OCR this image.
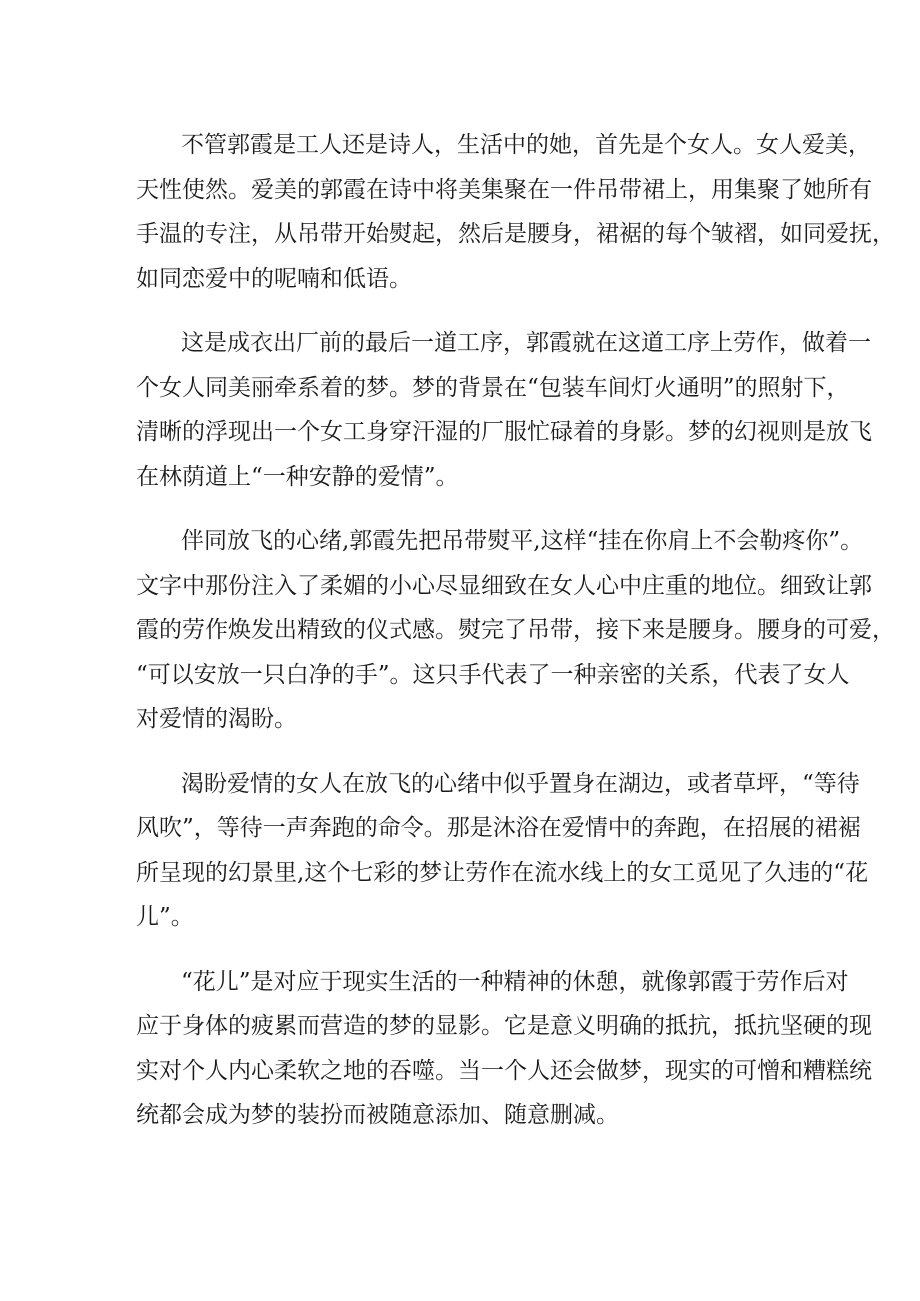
不管郭霞是工人还是诗人，生活中的她，首先是个女人。女人爱美，
天性使然。爱美的郭霞在诗中将美集聚在一件吊带裙上，用集聚了她所有
手温的专注，从吊带开始熨起，然后是腰身，裙裾的每个皱褶，如同爱抚，
如同恋爱中的呢喃和低语。

这是成衣出厂前的最后一道工序，郭霞就在这道工序上劳作，做着一
个女人同美丽牵系着的梦。梦的背景在“包装车间灯火通明”的照射下，
清晰的浮现出一个女工身穿汗湿的厂服忙碌着的身影。梦的幻视则是放飞
在林荫道上“一种安静的爱情”。

伴同放飞的心绪,郭霞先把吊带熨平,这样“挂在你肩上不会勒疼你”。
文字中那份注入了柔媚的小心尽显细致在女人心中庄重的地位。细致让郭
霞的劳作焕发出精致的仪式感。熨完了吊带，接下来是腰身。腰身的可爱，
“可以安放一只白净的手”。这只手代表了一种亲密的关系，代表了女人
对爱情的渴盼。

渴盼爱情的女人在放飞的心绪中似乎置身在湖边，或者草坪，“等待
风吹”，等待一声奔跑的命令。那是沐浴在爱情中的奔跑，在招展的裙裾
所呈现的幻景里,这个七彩的梦让劳作在流水线上的女工觅见了久违的“花
儿”。

“花儿”是对应于现实生活的一种精神的休憩，就像郭霞于劳作后对
应于身体的疲累而营造的梦的显影。它是意义明确的抵抗，抵抗坚硬的现
实对个人内心柔软之地的吞噬。当一个人还会做梦，现实的可憎和糟糕统
统都会成为梦的装扮而被随意添加、随意删减。
